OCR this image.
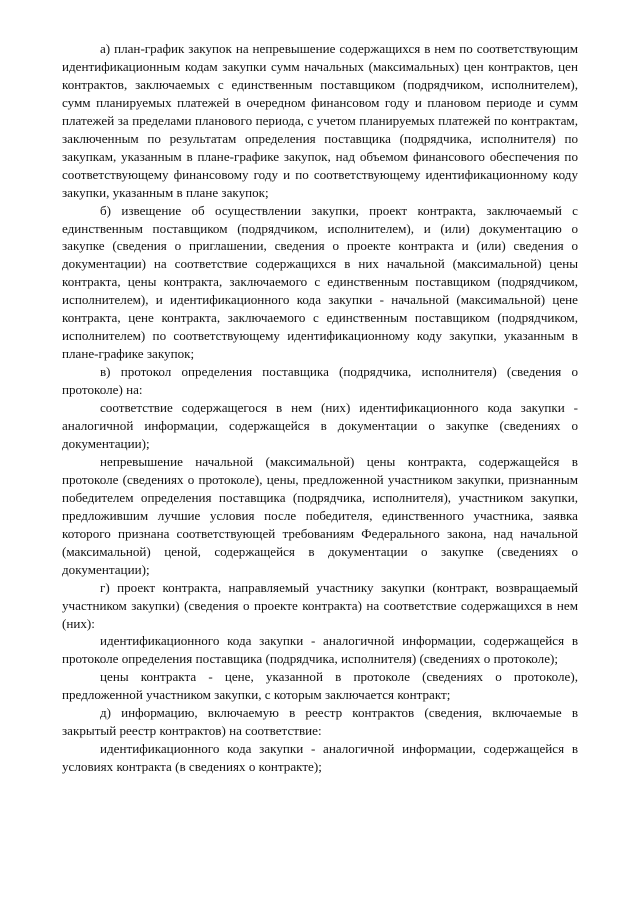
а) план-график закупок на непревышение содержащихся в нем по соответствующим идентификационным кодам закупки сумм начальных (максимальных) цен контрактов, цен контрактов, заключаемых с единственным поставщиком (подрядчиком, исполнителем), сумм планируемых платежей в очередном финансовом году и плановом периоде и сумм платежей за пределами планового периода, с учетом планируемых платежей по контрактам, заключенным по результатам определения поставщика (подрядчика, исполнителя) по закупкам, указанным в плане-графике закупок, над объемом финансового обеспечения по соответствующему финансовому году и по соответствующему идентификационному коду закупки, указанным в плане закупок;

б) извещение об осуществлении закупки, проект контракта, заключаемый с единственным поставщиком (подрядчиком, исполнителем), и (или) документацию о закупке (сведения о приглашении, сведения о проекте контракта и (или) сведения о документации) на соответствие содержащихся в них начальной (максимальной) цены контракта, цены контракта, заключаемого с единственным поставщиком (подрядчиком, исполнителем), и идентификационного кода закупки - начальной (максимальной) цене контракта, цене контракта, заключаемого с единственным поставщиком (подрядчиком, исполнителем) по соответствующему идентификационному коду закупки, указанным в плане-графике закупок;

в) протокол определения поставщика (подрядчика, исполнителя) (сведения о протоколе) на:

соответствие содержащегося в нем (них) идентификационного кода закупки - аналогичной информации, содержащейся в документации о закупке (сведениях о документации);

непревышение начальной (максимальной) цены контракта, содержащейся в протоколе (сведениях о протоколе), цены, предложенной участником закупки, признанным победителем определения поставщика (подрядчика, исполнителя), участником закупки, предложившим лучшие условия после победителя, единственного участника, заявка которого признана соответствующей требованиям Федерального закона, над начальной (максимальной) ценой, содержащейся в документации о закупке (сведениях о документации);

г) проект контракта, направляемый участнику закупки (контракт, возвращаемый участником закупки) (сведения о проекте контракта) на соответствие содержащихся в нем (них):

идентификационного кода закупки - аналогичной информации, содержащейся в протоколе определения поставщика (подрядчика, исполнителя) (сведениях о протоколе);

цены контракта - цене, указанной в протоколе (сведениях о протоколе), предложенной участником закупки, с которым заключается контракт;

д) информацию, включаемую в реестр контрактов (сведения, включаемые в закрытый реестр контрактов) на соответствие:

идентификационного кода закупки - аналогичной информации, содержащейся в условиях контракта (в сведениях о контракте);
